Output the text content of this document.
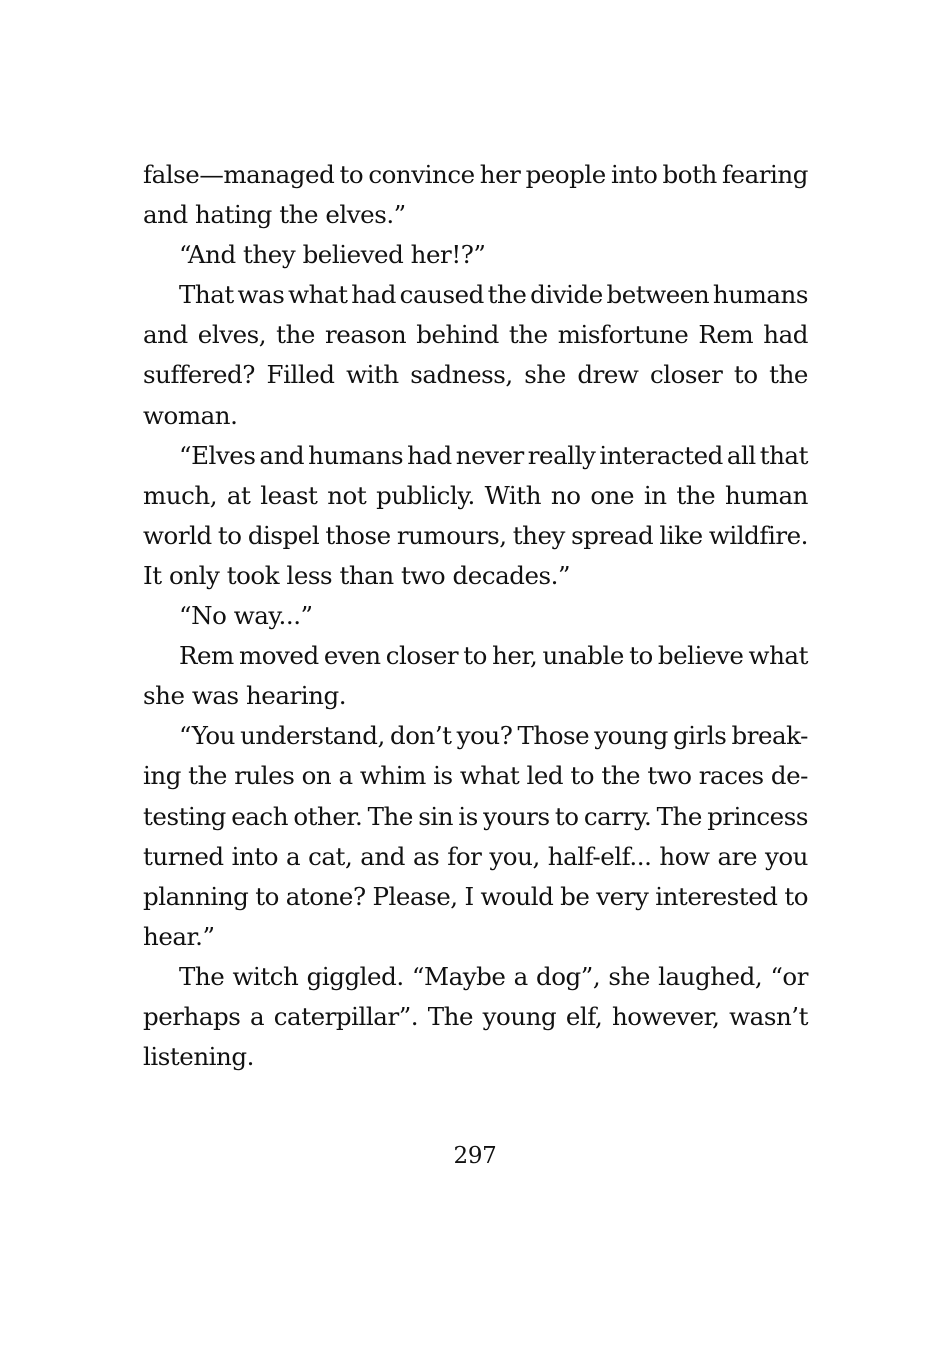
false—managed to convince her people into both fearing
and hating the elves.”
“And they believed her!?”
That was what had caused the divide between humans
and elves, the reason behind the misfortune Rem had
suffered? Filled with sadness, she drew closer to the
woman.
“Elves and humans had never really interacted all that
much, at least not publicly. With no one in the human
world to dispel those rumours, they spread like wildfire.
It only took less than two decades.”
“No way...”
Rem moved even closer to her, unable to believe what
she was hearing.
“You understand, don’t you? Those young girls break-
ing the rules on a whim is what led to the two races de-
testing each other. The sin is yours to carry. The princess
turned into a cat, and as for you, half-elf... how are you
planning to atone? Please, I would be very interested to
hear.”
The witch giggled. “Maybe a dog”, she laughed, “or
perhaps a caterpillar”. The young elf, however, wasn’t
listening.
297
